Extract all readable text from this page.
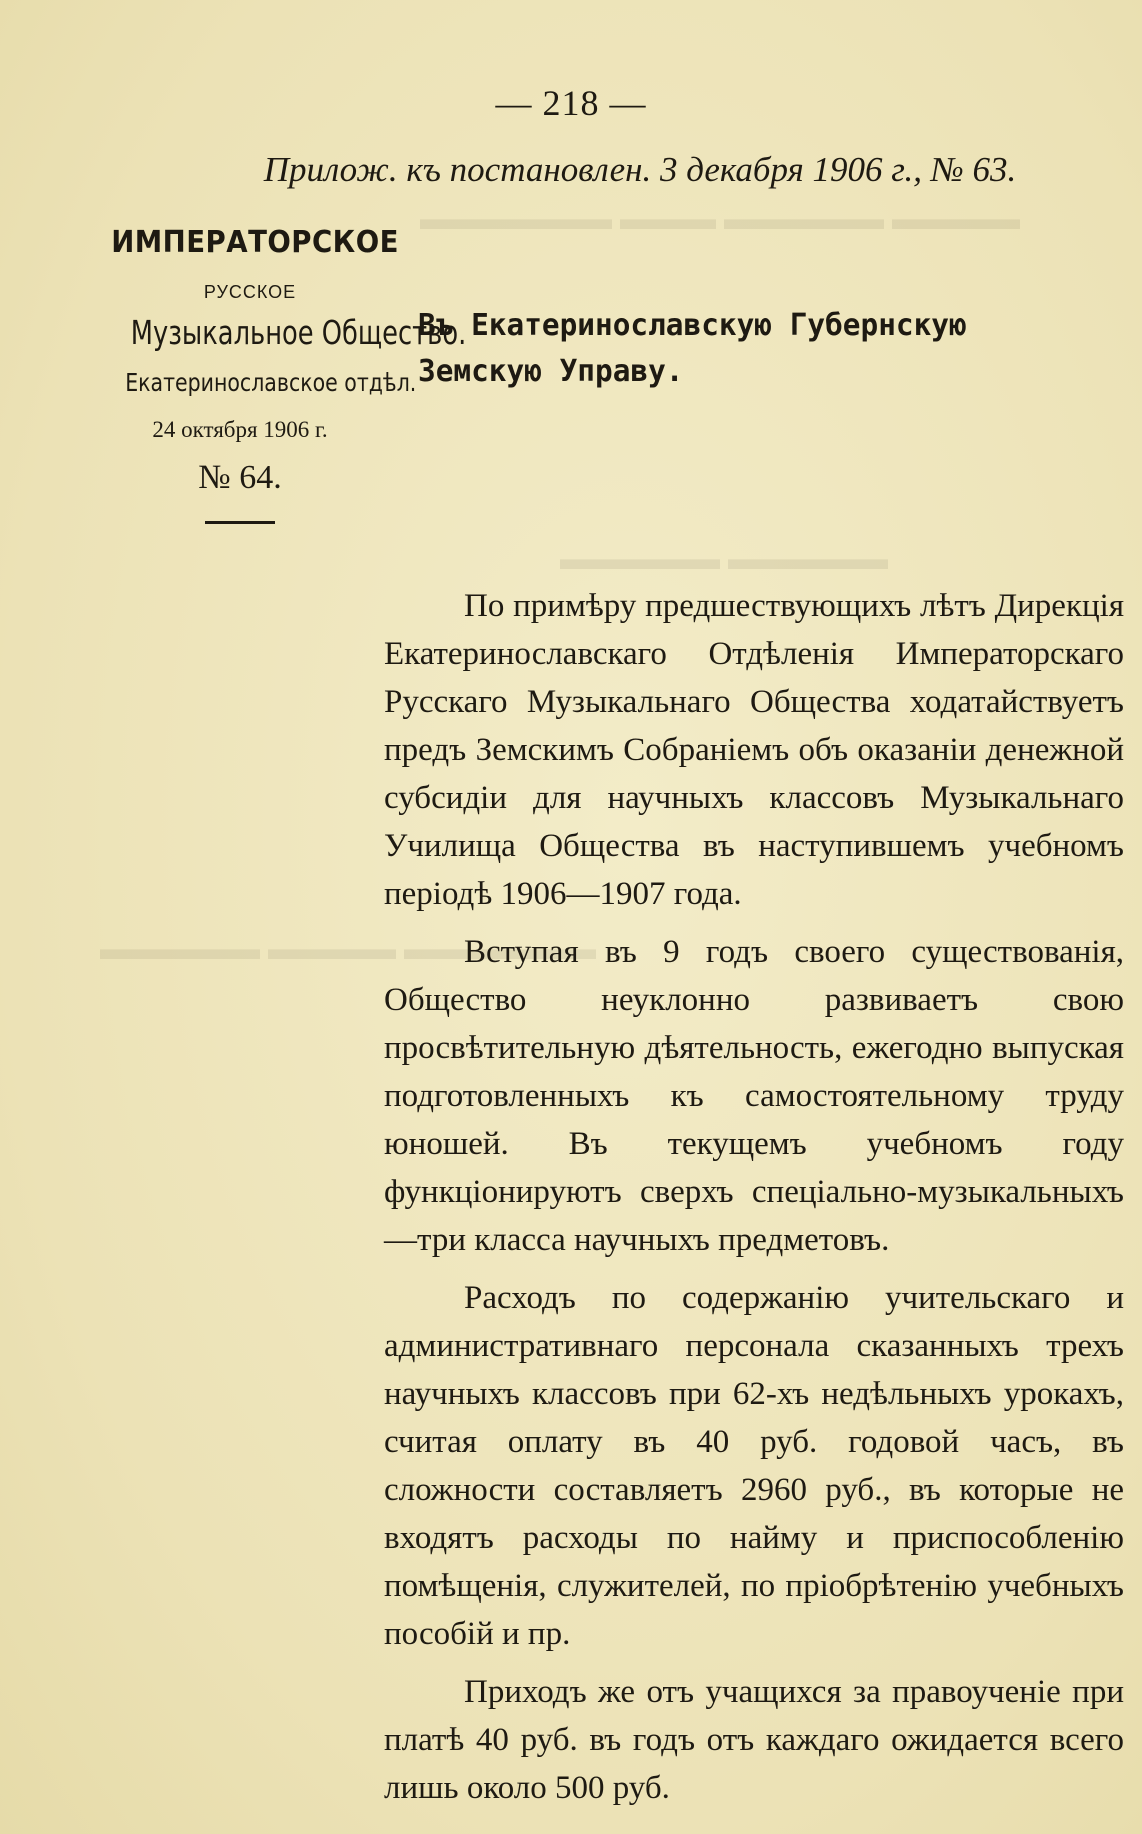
▬▬▬▬ ▬▬▬▬▬ ▬▬▬ ▬▬▬▬▬▬
▬▬▬▬▬▬ ▬▬▬▬ ▬▬▬▬▬
▬▬▬▬▬ ▬▬▬▬▬
— 218 —
Прилож. къ постановлен. 3 декабря 1906 г., № 63.
ИМПЕРАТОРСКОЕ
РУССКОЕ
Музыкальное Общество.
Екатеринославское отдѣл.
24 октября 1906 г.
№ 64.
Въ Екатеринославскую Губернскую
Земскую Управу.

По примѣру предшествующихъ лѣтъ Дирекція Екатеринославскаго Отдѣленія Императорскаго Русскаго Музыкальнаго Общества ходатайствуетъ предъ Земскимъ Собраніемъ объ оказаніи денежной субсидіи для научныхъ классовъ Музыкальнаго Училища Общества въ наступившемъ учебномъ періодѣ 1906—1907 года.

Вступая въ 9 годъ своего существованія, Общество неуклонно развиваетъ свою просвѣтительную дѣятельность, ежегодно выпуская подготовленныхъ къ самостоятельному труду юношей. Въ текущемъ учебномъ году функціонируютъ сверхъ спеціально-музыкальныхъ —три класса научныхъ предметовъ.

Расходъ по содержанію учительскаго и административнаго персонала сказанныхъ трехъ научныхъ классовъ при 62-хъ недѣльныхъ урокахъ, считая оплату въ 40 руб. годовой часъ, въ сложности составляетъ 2960 руб., въ которые не входятъ расходы по найму и приспособленію помѣщенія, служителей, по пріобрѣтенію учебныхъ пособій и пр.

Приходъ же отъ учащихся за правоученіе при платѣ 40 руб. въ годъ отъ каждаго ожидается всего лишь около 500 руб.
